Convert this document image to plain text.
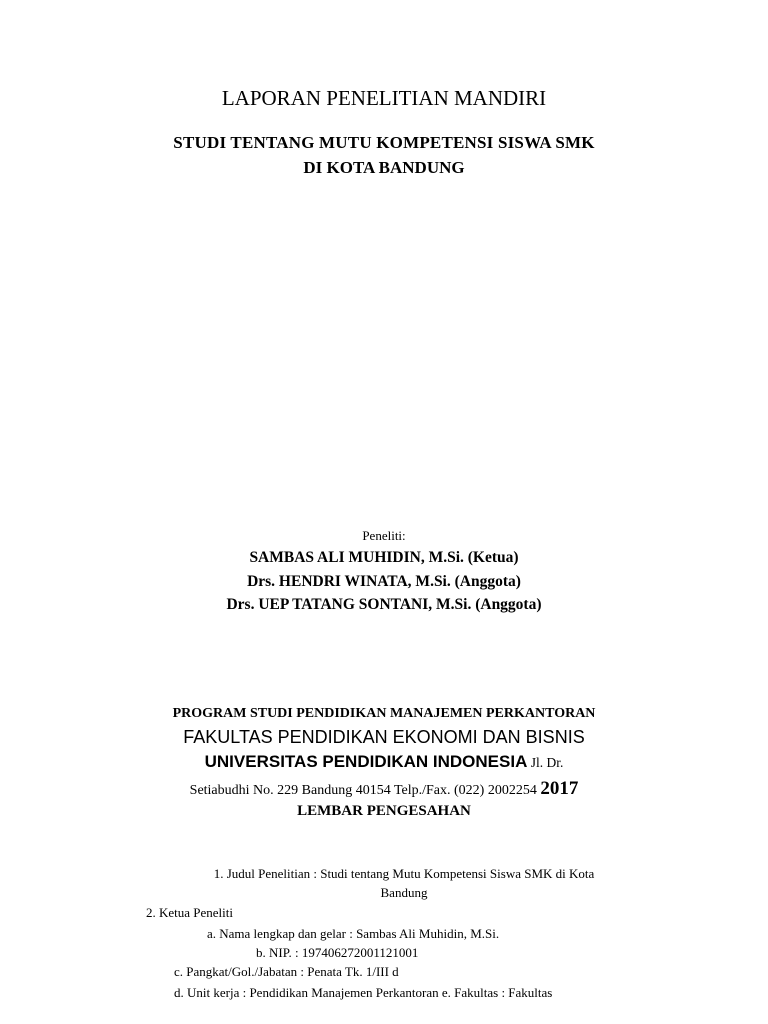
LAPORAN PENELITIAN MANDIRI
STUDI TENTANG MUTU KOMPETENSI SISWA SMK
DI KOTA BANDUNG
Peneliti:
SAMBAS ALI MUHIDIN, M.Si. (Ketua)
Drs. HENDRI WINATA, M.Si. (Anggota)
Drs. UEP TATANG SONTANI, M.Si. (Anggota)
PROGRAM STUDI PENDIDIKAN MANAJEMEN PERKANTORAN
FAKULTAS PENDIDIKAN EKONOMI DAN BISNIS
UNIVERSITAS PENDIDIKAN INDONESIA Jl. Dr.
Setiabudhi No. 229 Bandung 40154 Telp./Fax. (022) 2002254 2017
LEMBAR PENGESAHAN
1. Judul Penelitian : Studi tentang Mutu Kompetensi Siswa SMK di Kota
Bandung
2. Ketua Peneliti
a. Nama lengkap dan gelar : Sambas Ali Muhidin, M.Si.
b. NIP. : 197406272001121001
c. Pangkat/Gol./Jabatan : Penata Tk. 1/III d
d. Unit kerja : Pendidikan Manajemen Perkantoran e. Fakultas : Fakultas
